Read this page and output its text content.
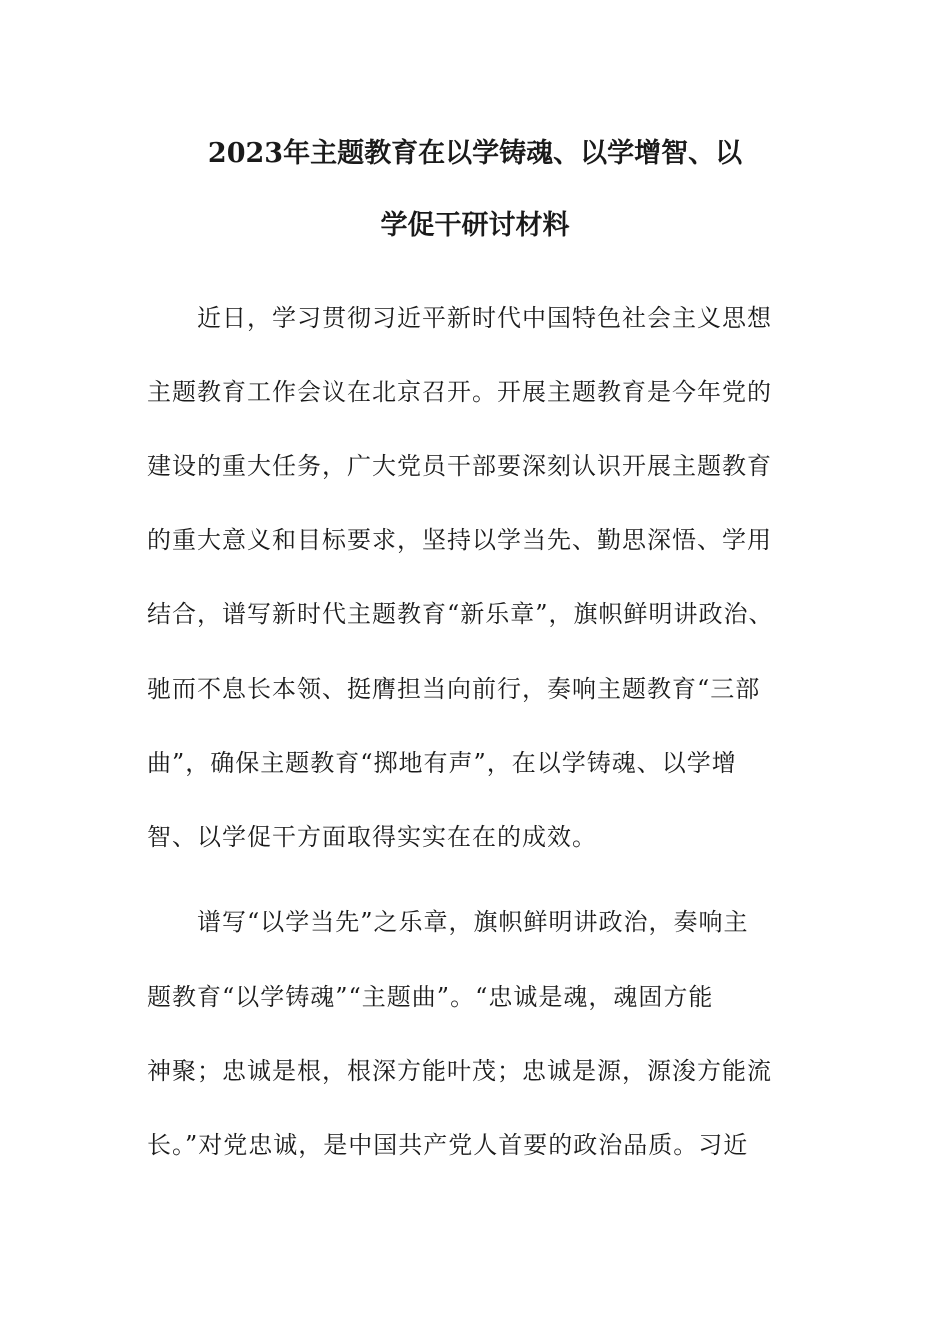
2023年主题教育在以学铸魂、以学增智、以
学促干研讨材料
　　近日，学习贯彻习近平新时代中国特色社会主义思想
主题教育工作会议在北京召开。开展主题教育是今年党的
建设的重大任务，广大党员干部要深刻认识开展主题教育
的重大意义和目标要求，坚持以学当先、勤思深悟、学用
结合，谱写新时代主题教育“新乐章”，旗帜鲜明讲政治、
驰而不息长本领、挺膺担当向前行，奏响主题教育“三部
曲”，确保主题教育“掷地有声”，在以学铸魂、以学增
智、以学促干方面取得实实在在的成效。
　　谱写“以学当先”之乐章，旗帜鲜明讲政治，奏响主
题教育“以学铸魂”“主题曲”。“忠诚是魂，魂固方能
神聚；忠诚是根，根深方能叶茂；忠诚是源，源浚方能流
长。”对党忠诚，是中国共产党人首要的政治品质。习近
